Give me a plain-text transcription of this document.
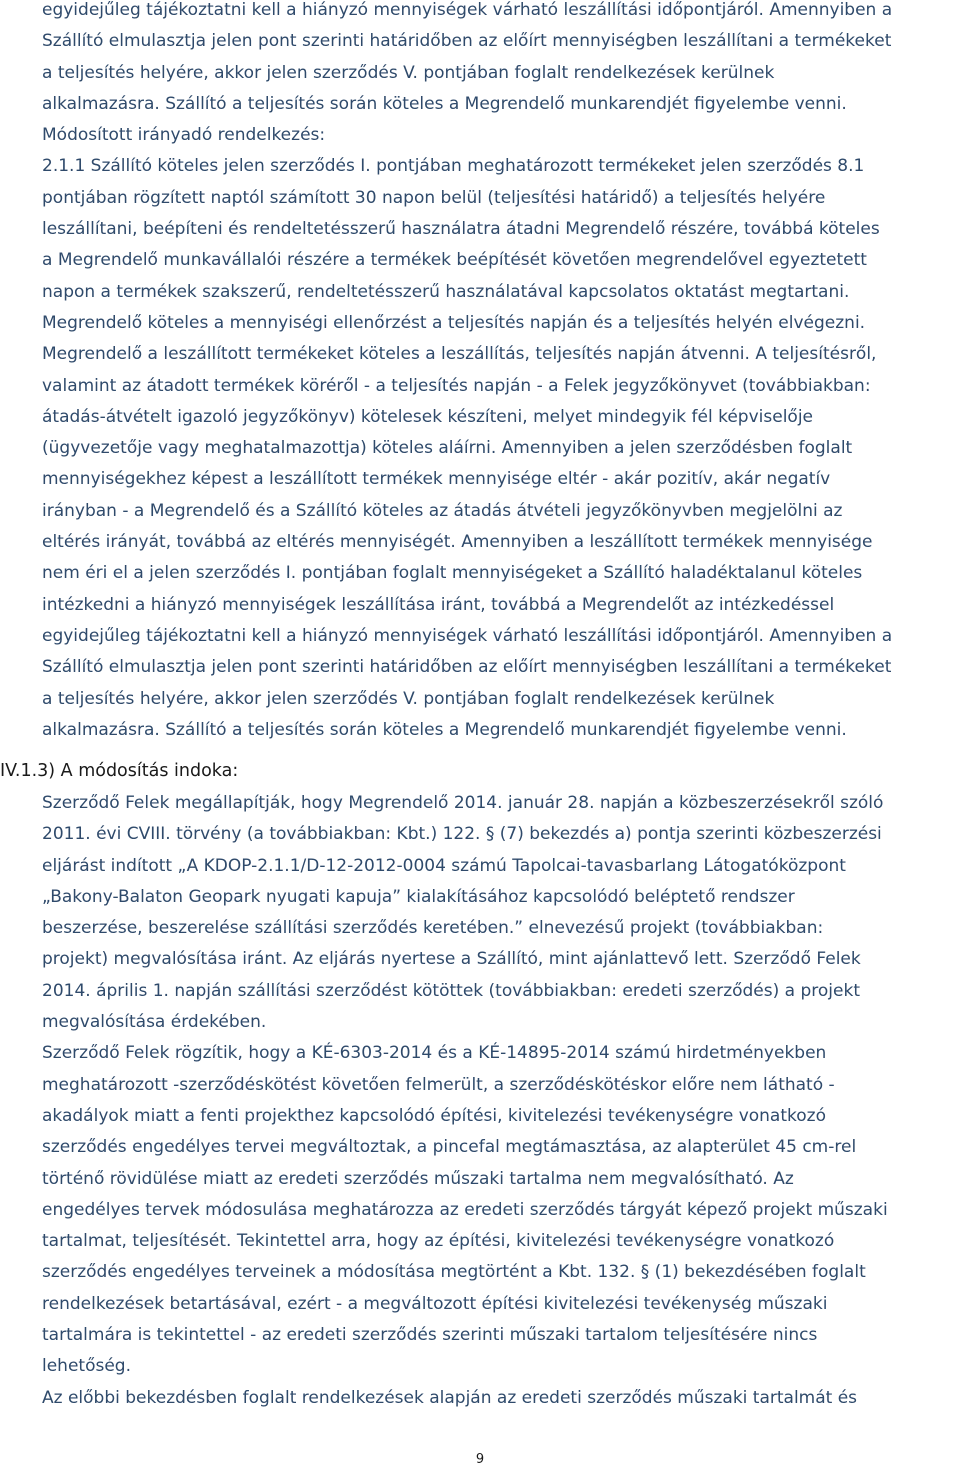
egyidejűleg tájékoztatni kell a hiányzó mennyiségek várható leszállítási időpontjáról. Amennyiben a
Szállító elmulasztja jelen pont szerinti határidőben az előírt mennyiségben leszállítani a termékeket
a teljesítés helyére, akkor jelen szerződés V. pontjában foglalt rendelkezések kerülnek
alkalmazásra. Szállító a teljesítés során köteles a Megrendelő munkarendjét figyelembe venni.
Módosított irányadó rendelkezés:
2.1.1 Szállító köteles jelen szerződés I. pontjában meghatározott termékeket jelen szerződés 8.1
pontjában rögzített naptól számított 30 napon belül (teljesítési határidő) a teljesítés helyére
leszállítani, beépíteni és rendeltetésszerű használatra átadni Megrendelő részére, továbbá köteles
a Megrendelő munkavállalói részére a termékek beépítését követően megrendelővel egyeztetett
napon a termékek szakszerű, rendeltetésszerű használatával kapcsolatos oktatást megtartani.
Megrendelő köteles a mennyiségi ellenőrzést a teljesítés napján és a teljesítés helyén elvégezni.
Megrendelő a leszállított termékeket köteles a leszállítás, teljesítés napján átvenni. A teljesítésről,
valamint az átadott termékek köréről - a teljesítés napján - a Felek jegyzőkönyvet (továbbiakban:
átadás-átvételt igazoló jegyzőkönyv) kötelesek készíteni, melyet mindegyik fél képviselője
(ügyvezetője vagy meghatalmazottja) köteles aláírni. Amennyiben a jelen szerződésben foglalt
mennyiségekhez képest a leszállított termékek mennyisége eltér - akár pozitív, akár negatív
irányban - a Megrendelő és a Szállító köteles az átadás átvételi jegyzőkönyvben megjelölni az
eltérés irányát, továbbá az eltérés mennyiségét. Amennyiben a leszállított termékek mennyisége
nem éri el a jelen szerződés I. pontjában foglalt mennyiségeket a Szállító haladéktalanul köteles
intézkedni a hiányzó mennyiségek leszállítása iránt, továbbá a Megrendelőt az intézkedéssel
egyidejűleg tájékoztatni kell a hiányzó mennyiségek várható leszállítási időpontjáról. Amennyiben a
Szállító elmulasztja jelen pont szerinti határidőben az előírt mennyiségben leszállítani a termékeket
a teljesítés helyére, akkor jelen szerződés V. pontjában foglalt rendelkezések kerülnek
alkalmazásra. Szállító a teljesítés során köteles a Megrendelő munkarendjét figyelembe venni.
IV.1.3) A módosítás indoka:
Szerződő Felek megállapítják, hogy Megrendelő 2014. január 28. napján a közbeszerzésekről szóló
2011. évi CVIII. törvény (a továbbiakban: Kbt.) 122. § (7) bekezdés a) pontja szerinti közbeszerzési
eljárást indított „A KDOP-2.1.1/D-12-2012-0004 számú Tapolcai-tavasbarlang Látogatóközpont
„Bakony-Balaton Geopark nyugati kapuja” kialakításához kapcsolódó beléptető rendszer
beszerzése, beszerelése szállítási szerződés keretében.” elnevezésű projekt (továbbiakban:
projekt) megvalósítása iránt. Az eljárás nyertese a Szállító, mint ajánlattevő lett. Szerződő Felek
2014. április 1. napján szállítási szerződést kötöttek (továbbiakban: eredeti szerződés) a projekt
megvalósítása érdekében.
Szerződő Felek rögzítik, hogy a KÉ-6303-2014 és a KÉ-14895-2014 számú hirdetményekben
meghatározott -szerződéskötést követően felmerült, a szerződéskötéskor előre nem látható -
akadályok miatt a fenti projekthez kapcsolódó építési, kivitelezési tevékenységre vonatkozó
szerződés engedélyes tervei megváltoztak, a pincefal megtámasztása, az alapterület 45 cm-rel
történő rövidülése miatt az eredeti szerződés műszaki tartalma nem megvalósítható. Az
engedélyes tervek módosulása meghatározza az eredeti szerződés tárgyát képező projekt műszaki
tartalmat, teljesítését. Tekintettel arra, hogy az építési, kivitelezési tevékenységre vonatkozó
szerződés engedélyes terveinek a módosítása megtörtént a Kbt. 132. § (1) bekezdésében foglalt
rendelkezések betartásával, ezért - a megváltozott építési kivitelezési tevékenység műszaki
tartalmára is tekintettel - az eredeti szerződés szerinti műszaki tartalom teljesítésére nincs
lehetőség.
Az előbbi bekezdésben foglalt rendelkezések alapján az eredeti szerződés műszaki tartalmát és
9
